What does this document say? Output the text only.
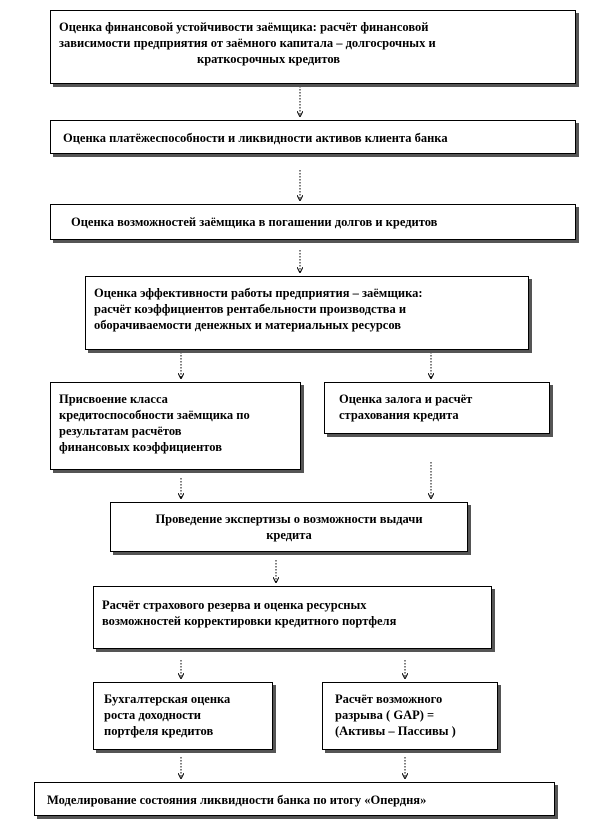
Оценка финансовой устойчивости заёмщика: расчёт финансовой
зависимости предприятия от заёмного капитала – долгосрочных и
краткосрочных кредитов
Оценка платёжеспособности и ликвидности активов клиента банка
Оценка возможностей заёмщика в погашении долгов и кредитов
Оценка эффективности работы предприятия – заёмщика:
расчёт коэффициентов рентабельности производства и
оборачиваемости денежных и материальных ресурсов
Присвоение класса
кредитоспособности заёмщика по
результатам расчётов
финансовых коэффициентов
Оценка залога и расчёт
страхования кредита
Проведение экспертизы о возможности выдачи
кредита
Расчёт страхового резерва и оценка ресурсных
возможностей корректировки кредитного портфеля
Бухгалтерская оценка
роста доходности
портфеля кредитов
Расчёт возможного
разрыва ( GAP) =
(Активы – Пассивы )
Моделирование состояния ликвидности банка по итогу «Опердня»
